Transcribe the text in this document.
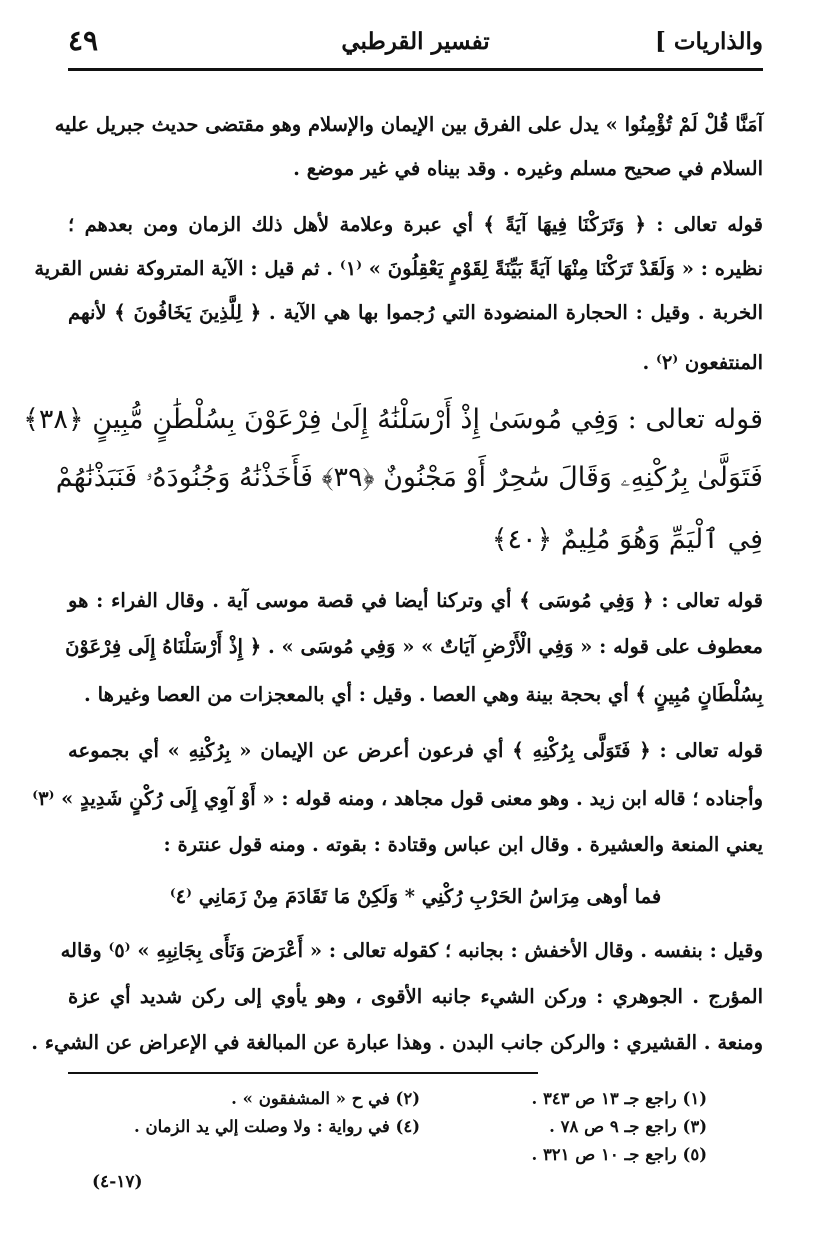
والذاريات ]
تفسير القرطبي
٤٩
آمَنَّا قُلْ لَمْ تُؤْمِنُوا » يدل على الفرق بين الإيمان والإسلام وهو مقتضى حديث جبريل عليه
السلام في صحيح مسلم وغيره . وقد بيناه في غير موضع .
قوله تعالى : ﴿ وَتَرَكْنَا فِيهَا آيَةً ﴾ أي عبرة وعلامة لأهل ذلك الزمان ومن بعدهم ؛
نظيره : « وَلَقَدْ تَرَكْنَا مِنْهَا آيَةً بَيِّنَةً لِقَوْمٍ يَعْقِلُونَ » ⁽١⁾ . ثم قيل : الآية المتروكة نفس القرية
الخربة . وقيل : الحجارة المنضودة التي رُجموا بها هي الآية . ﴿ لِلَّذِينَ يَخَافُونَ ﴾ لأنهم
المنتفعون ⁽٢⁾ .
قوله تعالى : وَفِي مُوسَىٰ إِذْ أَرْسَلْنَٰهُ إِلَىٰ فِرْعَوْنَ بِسُلْطَٰنٍ مُّبِينٍ ﴿٣٨﴾
فَتَوَلَّىٰ بِرُكْنِهِۦ وَقَالَ سَٰحِرٌ أَوْ مَجْنُونٌ ﴿٣٩﴾ فَأَخَذْنَٰهُ وَجُنُودَهُۥ فَنَبَذْنَٰهُمْ
فِي ٱلْيَمِّ وَهُوَ مُلِيمٌ ﴿٤٠﴾
قوله تعالى : ﴿ وَفِي مُوسَى ﴾ أي وتركنا أيضا في قصة موسى آية . وقال الفراء : هو
معطوف على قوله : « وَفِي الْأَرْضِ آيَاتٌ » « وَفِي مُوسَى » . ﴿ إِذْ أَرْسَلْنَاهُ إِلَى فِرْعَوْنَ
بِسُلْطَانٍ مُبِينٍ ﴾ أي بحجة بينة وهي العصا . وقيل : أي بالمعجزات من العصا وغيرها .
قوله تعالى : ﴿ فَتَوَلَّى بِرُكْنِهِ ﴾ أي فرعون أعرض عن الإيمان « بِرُكْنِهِ » أي بجموعه
وأجناده ؛ قاله ابن زيد . وهو معنى قول مجاهد ، ومنه قوله : « أَوْ آوِي إِلَى رُكْنٍ شَدِيدٍ » ⁽٣⁾
يعني المنعة والعشيرة . وقال ابن عباس وقتادة : بقوته . ومنه قول عنترة :
فما أوهى مِرَاسُ الحَرْبِ رُكْنِي * وَلَكِنْ مَا تَقَادَمَ مِنْ زَمَانِي ⁽٤⁾
وقيل : بنفسه . وقال الأخفش : بجانبه ؛ كقوله تعالى : « أَعْرَضَ وَنَأَى بِجَانِبِهِ » ⁽٥⁾ وقاله
المؤرج . الجوهري : وركن الشيء جانبه الأقوى ، وهو يأوي إلى ركن شديد أي عزة
ومنعة . القشيري : والركن جانب البدن . وهذا عبارة عن المبالغة في الإعراض عن الشيء .
(١) راجع جـ ١٣ ص ٣٤٣ .
(٢) في ح « المشفقون » .
(٣) راجع جـ ٩ ص ٧٨ .
(٤) في رواية : ولا وصلت إلي يد الزمان .
(٥) راجع جـ ١٠ ص ٣٢١ .
(١٧-٤)
